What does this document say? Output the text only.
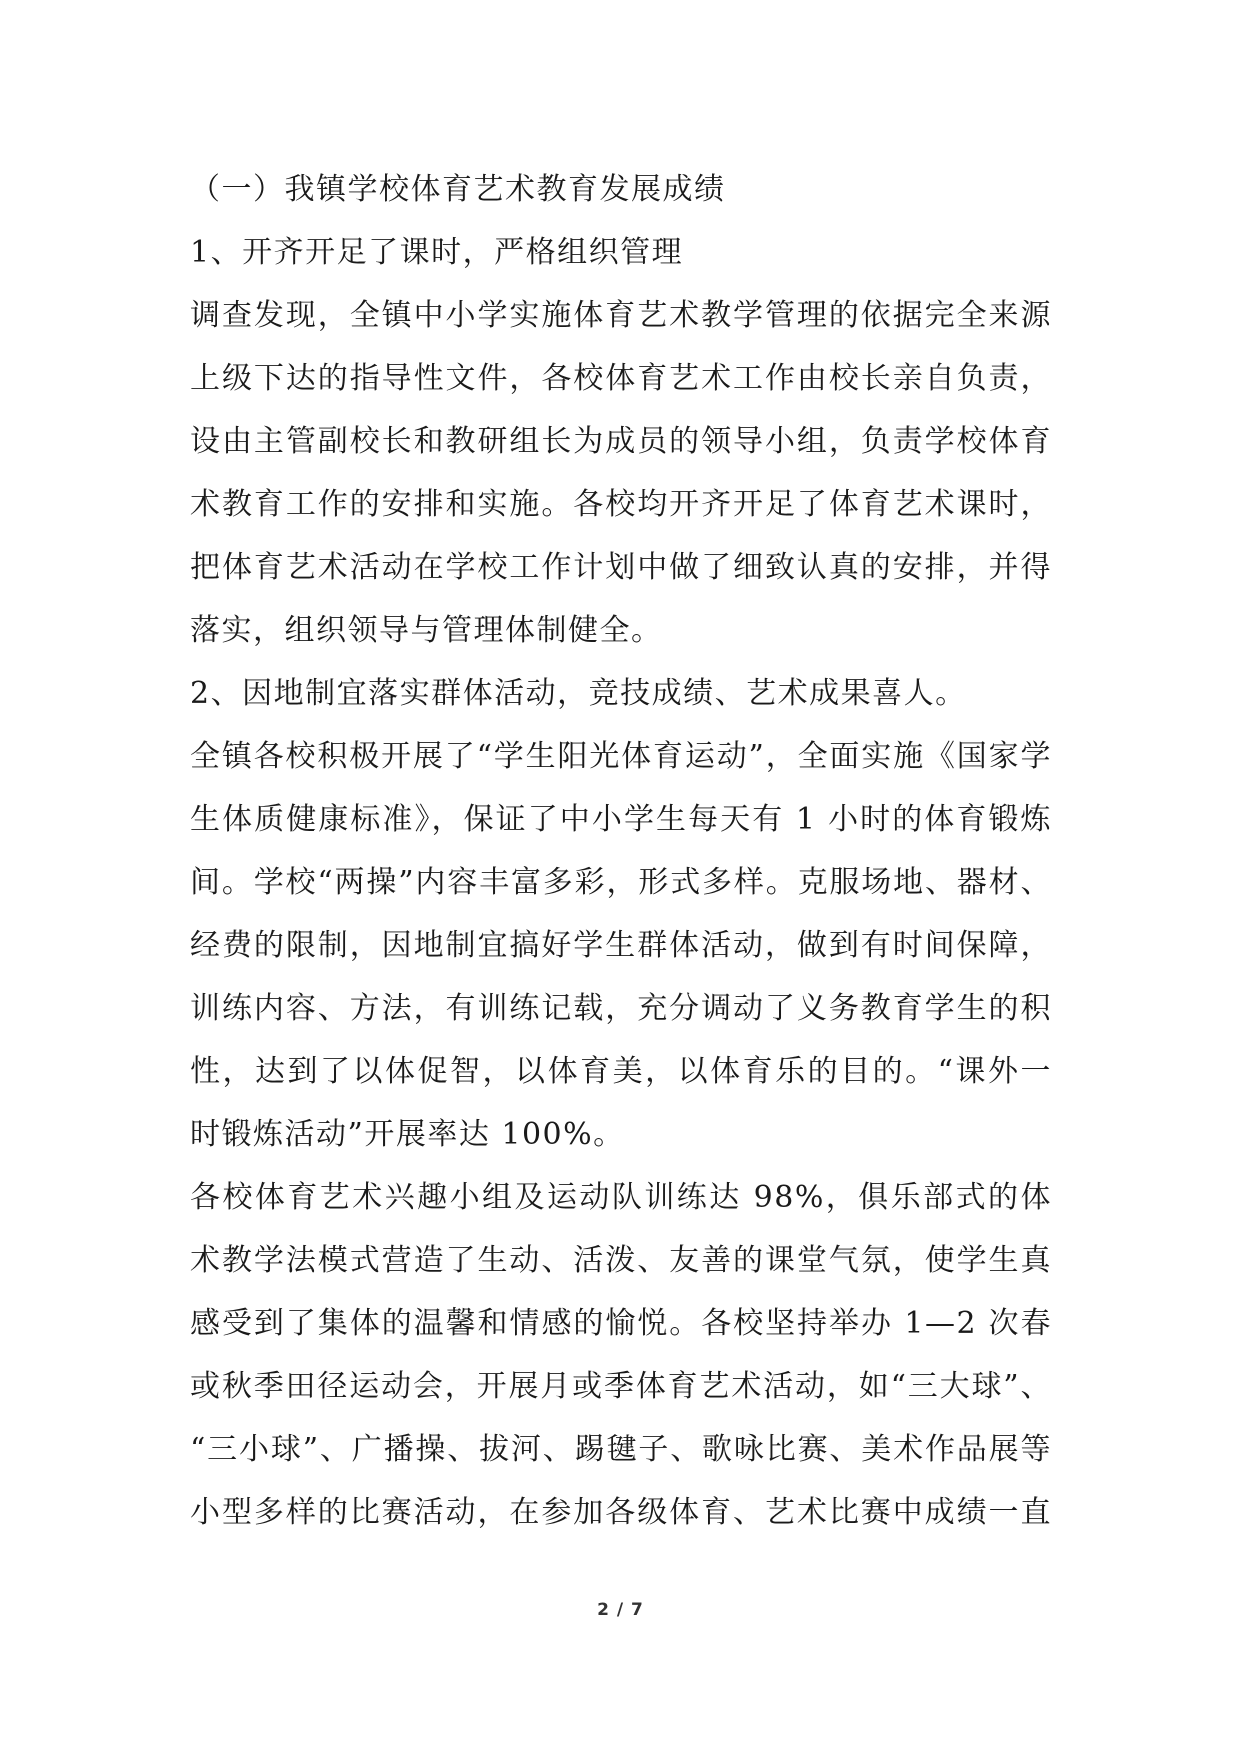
（一）我镇学校体育艺术教育发展成绩
1、开齐开足了课时，严格组织管理
调查发现，全镇中小学实施体育艺术教学管理的依据完全来源
上级下达的指导性文件，各校体育艺术工作由校长亲自负责，
设由主管副校长和教研组长为成员的领导小组，负责学校体育
术教育工作的安排和实施。各校均开齐开足了体育艺术课时，
把体育艺术活动在学校工作计划中做了细致认真的安排，并得
落实，组织领导与管理体制健全。
2、因地制宜落实群体活动，竞技成绩、艺术成果喜人。
全镇各校积极开展了“学生阳光体育运动”，全面实施《国家学
生体质健康标准》，保证了中小学生每天有 1 小时的体育锻炼
间。学校“两操”内容丰富多彩，形式多样。克服场地、器材、
经费的限制，因地制宜搞好学生群体活动，做到有时间保障，
训练内容、方法，有训练记载，充分调动了义务教育学生的积
性，达到了以体促智，以体育美，以体育乐的目的。“课外一
时锻炼活动”开展率达 100%。
各校体育艺术兴趣小组及运动队训练达 98%，俱乐部式的体
术教学法模式营造了生动、活泼、友善的课堂气氛，使学生真
感受到了集体的温馨和情感的愉悦。各校坚持举办 1—2 次春
或秋季田径运动会，开展月或季体育艺术活动，如“三大球”、
“三小球”、广播操、拔河、踢毽子、歌咏比赛、美术作品展等
小型多样的比赛活动，在参加各级体育、艺术比赛中成绩一直
2 / 7
